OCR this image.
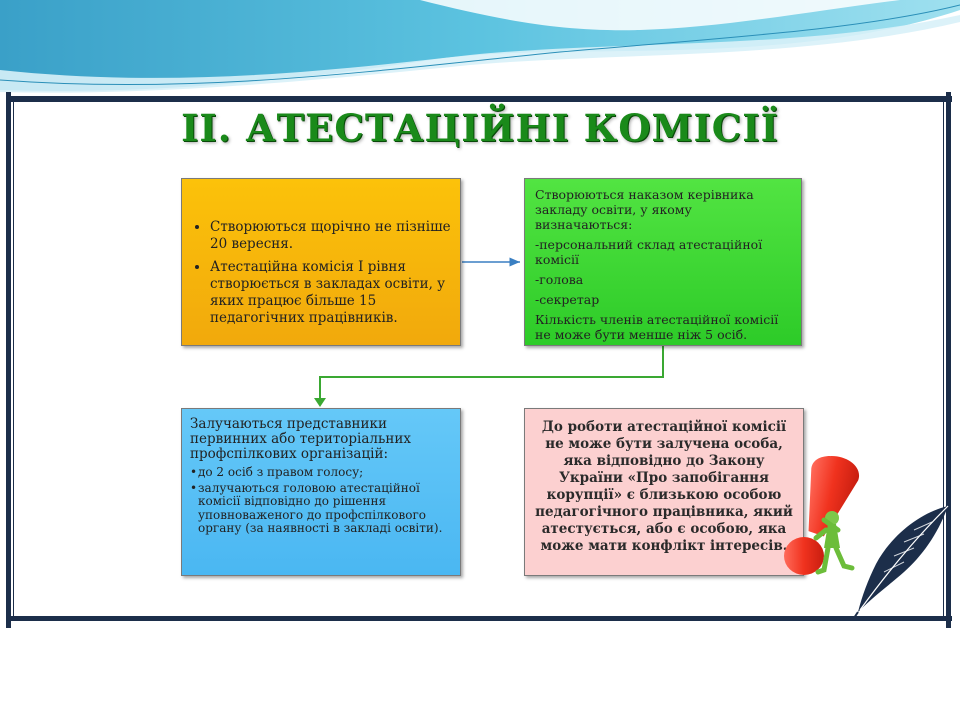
ІІ. АТЕСТАЦІЙНІ КОМІСІЇ
• Створюються щорічно не пізніше 20 вересня.
• Атестаційна комісія І рівня створюється в закладах освіти, у яких працює більше 15 педагогічних працівників.

Створюються наказом керівника закладу освіти, у якому визначаються:

-персональний склад атестаційної комісії

-голова

-секретар

Кількість членів атестаційної комісії не може бути менше ніж 5 осіб.

Залучаються представники первинних або територіальних профспілкових організацій:

• до 2 осіб з правом голосу;
• залучаються головою атестаційної комісії відповідно до рішення уповноваженого до профспілкового органу (за наявності в закладі освіти).
До роботи атестаційної комісії не може бути залучена особа, яка відповідно до Закону України «Про запобігання корупції» є близькою особою педагогічного працівника, який атестується, або є особою, яка може мати конфлікт інтересів.
